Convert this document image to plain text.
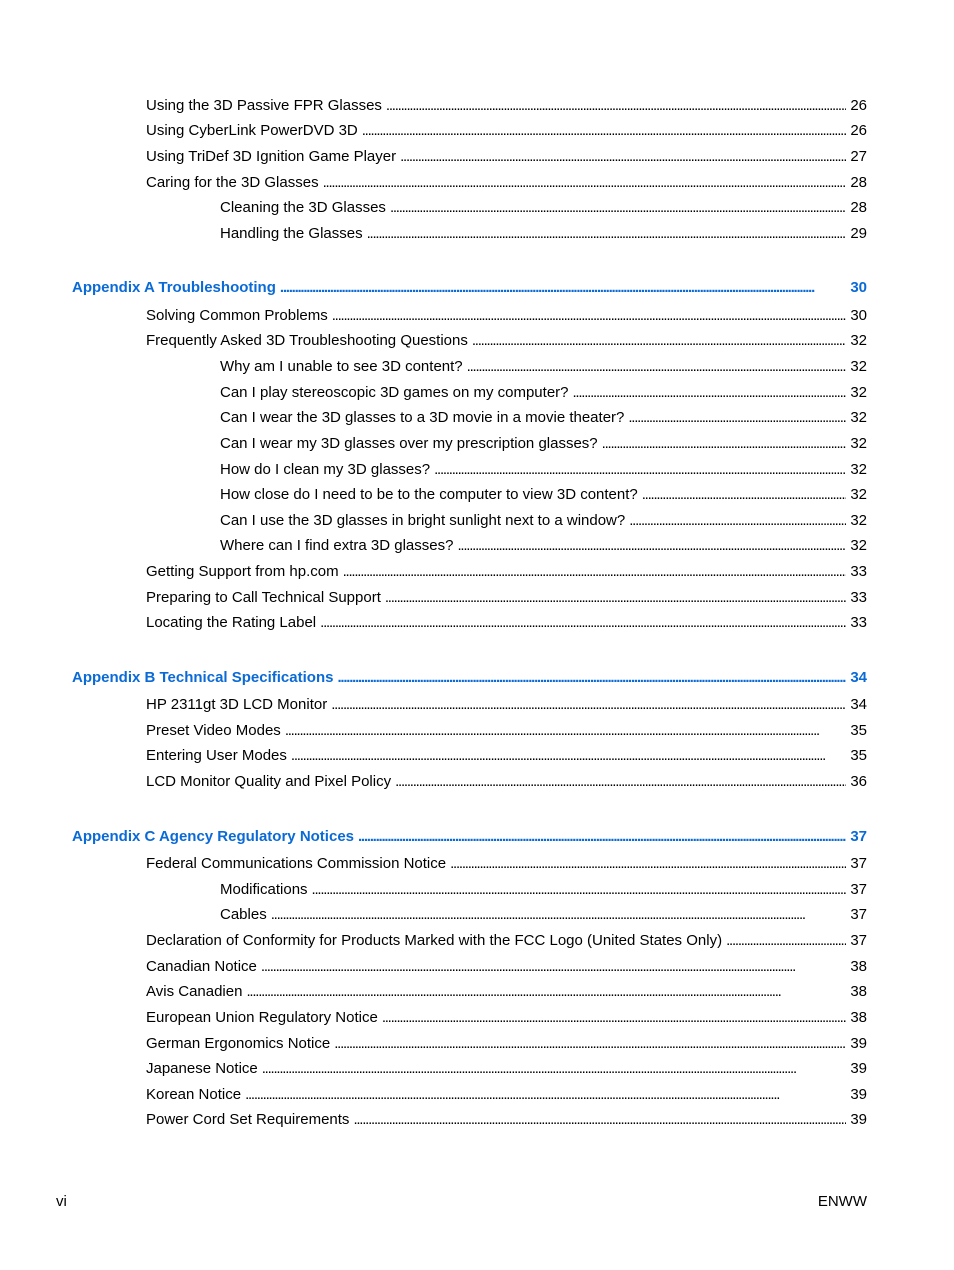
Using the 3D Passive FPR Glasses . . .	26
Using CyberLink PowerDVD 3D . . .	26
Using TriDef 3D Ignition Game Player . . .	27
Caring for the 3D Glasses . . .	28
Cleaning the 3D Glasses . . .	28
Handling the Glasses . . .	29
Appendix A Troubleshooting . . .	30
Solving Common Problems . . .	30
Frequently Asked 3D Troubleshooting Questions . . .	32
Why am I unable to see 3D content? . . .	32
Can I play stereoscopic 3D games on my computer? . . .	32
Can I wear the 3D glasses to a 3D movie in a movie theater? . . .	32
Can I wear my 3D glasses over my prescription glasses? . . .	32
How do I clean my 3D glasses? . . .	32
How close do I need to be to the computer to view 3D content? . . .	32
Can I use the 3D glasses in bright sunlight next to a window? . . .	32
Where can I find extra 3D glasses? . . .	32
Getting Support from hp.com . . .	33
Preparing to Call Technical Support . . .	33
Locating the Rating Label . . .	33
Appendix B Technical Specifications . . .	34
HP 2311gt 3D LCD Monitor . . .	34
Preset Video Modes . . .	35
Entering User Modes . . .	35
LCD Monitor Quality and Pixel Policy . . .	36
Appendix C Agency Regulatory Notices . . .	37
Federal Communications Commission Notice . . .	37
Modifications . . .	37
Cables . . .	37
Declaration of Conformity for Products Marked with the FCC Logo (United States Only) . . .	37
Canadian Notice . . .	38
Avis Canadien . . .	38
European Union Regulatory Notice . . .	38
German Ergonomics Notice . . .	39
Japanese Notice . . .	39
Korean Notice . . .	39
Power Cord Set Requirements . . .	39
vi	ENWW
